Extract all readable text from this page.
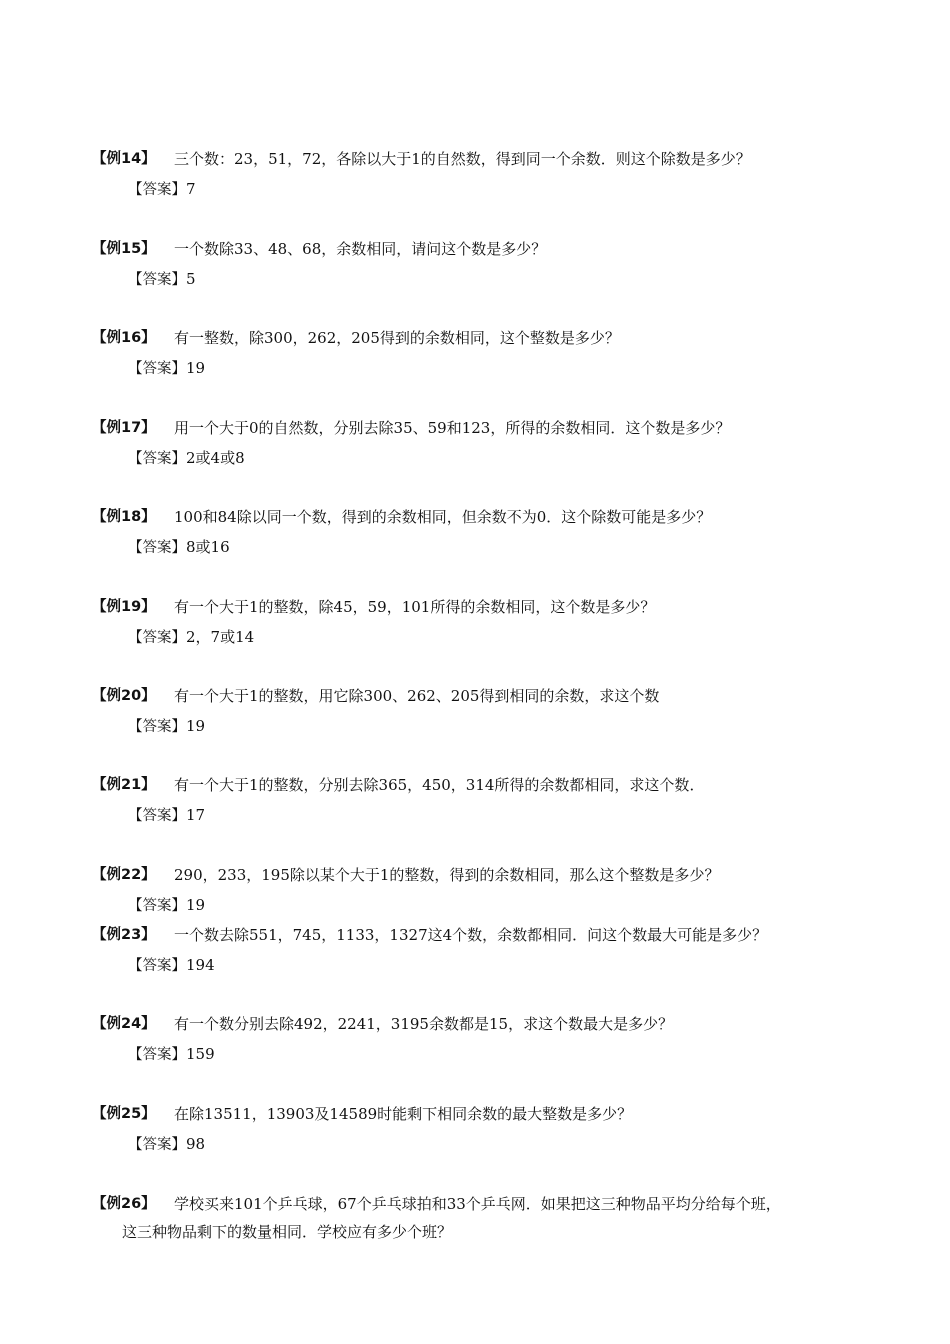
【例14】	三个数：23，51，72，各除以大于1的自然数，得到同一个余数．则这个除数是多少？
【答案】7
【例15】	一个数除33、48、68，余数相同，请问这个数是多少？
【答案】5
【例16】	有一整数，除300，262，205得到的余数相同，这个整数是多少？
【答案】19
【例17】	用一个大于0的自然数，分别去除35、59和123，所得的余数相同．这个数是多少？
【答案】2或4或8
【例18】	100和84除以同一个数，得到的余数相同，但余数不为0．这个除数可能是多少？
【答案】8或16
【例19】	有一个大于1的整数，除45，59，101所得的余数相同，这个数是多少？
【答案】2，7或14
【例20】	有一个大于1的整数，用它除300、262、205得到相同的余数，求这个数
【答案】19
【例21】	有一个大于1的整数，分别去除365，450，314所得的余数都相同，求这个数．
【答案】17
【例22】	290，233，195除以某个大于1的整数，得到的余数相同，那么这个整数是多少？
【答案】19
【例23】	一个数去除551，745，1133，1327这4个数，余数都相同．问这个数最大可能是多少？
【答案】194
【例24】	有一个数分别去除492，2241，3195余数都是15，求这个数最大是多少？
【答案】159
【例25】	在除13511，13903及14589时能剩下相同余数的最大整数是多少？
【答案】98
【例26】	学校买来101个乒乓球，67个乒乓球拍和33个乒乓网．如果把这三种物品平均分给每个班，
这三种物品剩下的数量相同．学校应有多少个班？
